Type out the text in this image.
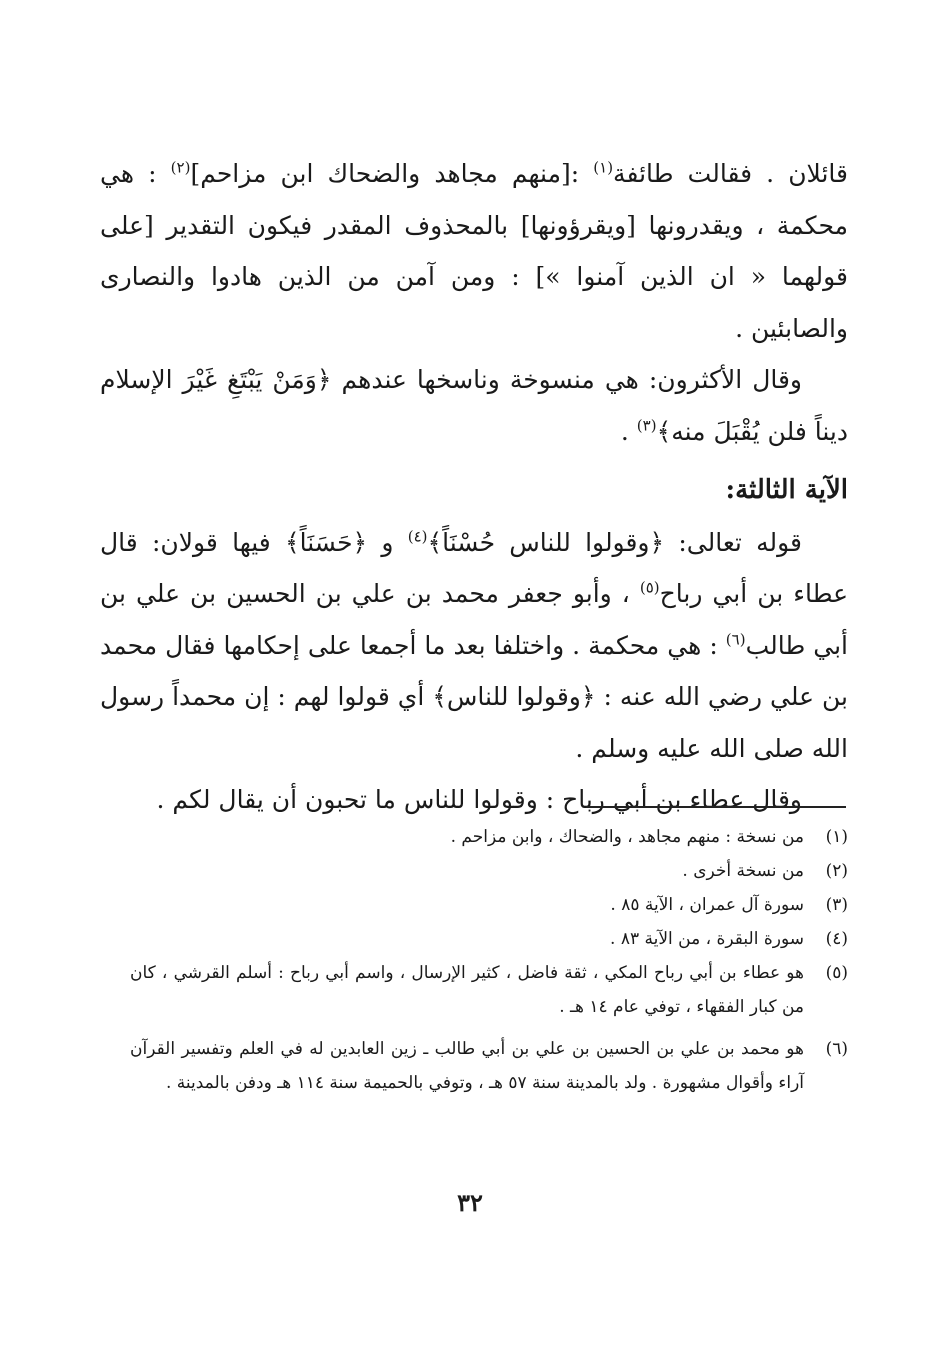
قائلان . فقالت طائفة$^{(١)}$ :[منهم مجاهد والضحاك ابن مزاحم]$^{(٢)}$ : هي محكمة ، ويقدرونها [ويقرؤونها] بالمحذوف المقدر فيكون التقدير [على قولهما « ان الذين آمنوا »] : ومن آمن من الذين هادوا والنصارى والصابئين .

وقال الأكثرون: هي منسوخة وناسخها عندهم ﴿وَمَنْ يَبْتَغِ غَيْرَ الإسلام ديناً فلن يُقْبَلَ منه﴾$^{(٣)}$ .

الآية الثالثة:

قوله تعالى: ﴿وقولوا للناس حُسْنَاً﴾$^{(٤)}$ و ﴿حَسَنَاً﴾ فيها قولان: قال عطاء بن أبي رباح$^{(٥)}$ ، وأبو جعفر محمد بن علي بن الحسين بن علي بن أبي طالب$^{(٦)}$ : هي محكمة . واختلفا بعد ما أجمعا على إحكامها فقال محمد بن علي رضي الله عنه : ﴿وقولوا للناس﴾ أي قولوا لهم : إن محمداً رسول الله صلى الله عليه وسلم .

وقال عطاء بن أبي رباح : وقولوا للناس ما تحبون أن يقال لكم .

(١)
من نسخة : منهم مجاهد ، والضحاك ، وابن مزاحم .
(٢)
من نسخة أخرى .
(٣)
سورة آل عمران ، الآية ٨٥ .
(٤)
سورة البقرة ، من الآية ٨٣ .
(٥)
هو عطاء بن أبي رباح المكي ، ثقة فاضل ، كثير الإرسال ، واسم أبي رباح : أسلم القرشي ، كان من كبار الفقهاء ، توفي عام ١٤ هـ .
(٦)
هو محمد بن علي بن الحسين بن علي بن أبي طالب ـ زين العابدين له في العلم وتفسير القرآن آراء وأقوال مشهورة . ولد بالمدينة سنة ٥٧ هـ ، وتوفي بالحميمة سنة ١١٤ هـ ودفن بالمدينة .
٣٢
